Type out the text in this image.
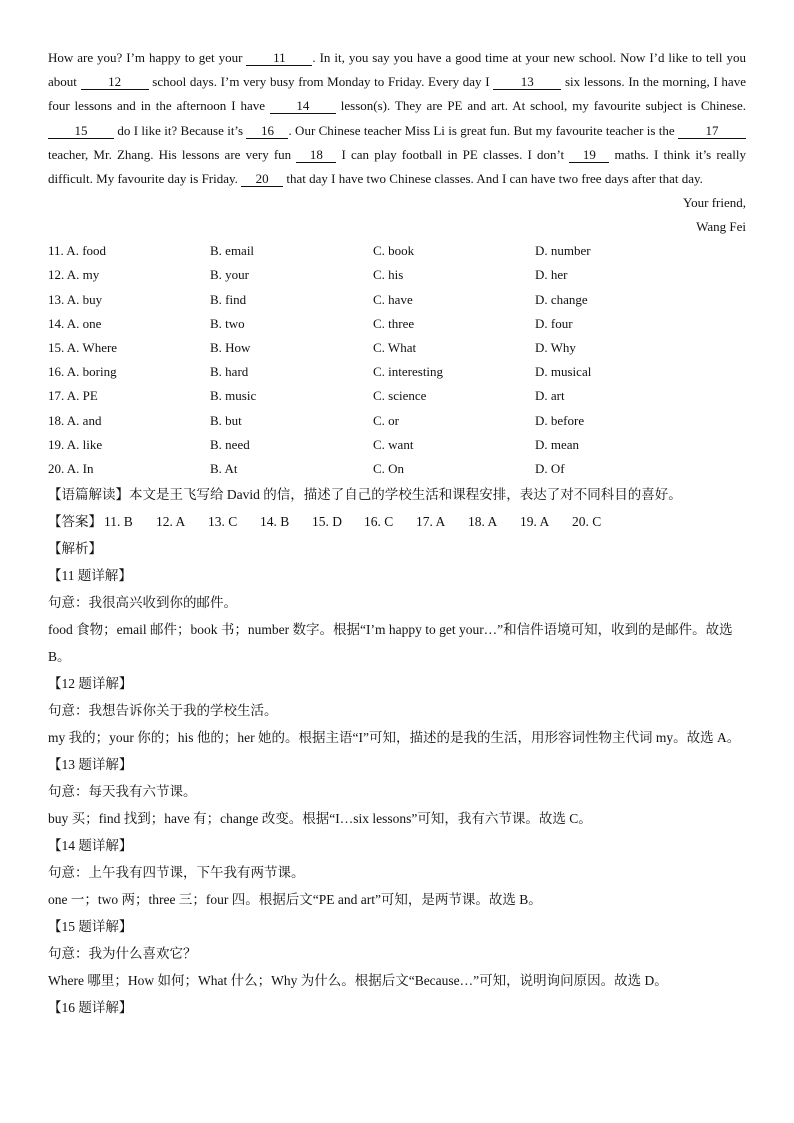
How are you? I’m happy to get your 11 . In it, you say you have a good time at your new school. Now I’d like to tell you about 12 school days. I’m very busy from Monday to Friday. Every day I 13 six lessons. In the morning, I have four lessons and in the afternoon I have 14 lesson(s). They are PE and art. At school, my favourite subject is Chinese. 15 do I like it? Because it’s 16 . Our Chinese teacher Miss Li is great fun. But my favourite teacher is the 17 teacher, Mr. Zhang. His lessons are very fun 18 I can play football in PE classes. I don’t 19 maths. I think it’s really difficult. My favourite day is Friday. 20 that day I have two Chinese classes. And I can have two free days after that day.

Your friend,
Wang Fei
11. A. food	B. email	C. book	D. number
12. A. my	B. your	C. his	D. her
13. A. buy	B. find	C. have	D. change
14. A. one	B. two	C. three	D. four
15. A. Where	B. How	C. What	D. Why
16. A. boring	B. hard	C. interesting	D. musical
17. A. PE	B. music	C. science	D. art
18. A. and	B. but	C. or	D. before
19. A. like	B. need	C. want	D. mean
20. A. In	B. At	C. On	D. Of
【语篇解读】本文是王飞写给 David 的信，描述了自己的学校生活和课程安排，表达了对不同科目的喜好。
【答案】 11. B	12. A	13. C	14. B	15. D	16. C	17. A	18. A	19. A	20. C
【解析】
【11 题详解】
句意：我很高兴收到你的邮件。

food 食物；email 邮件；book 书；number 数字。根据“I’m happy to get your…”和信件语境可知，收到的是邮件。故选 B。

【12 题详解】
句意：我想告诉你关于我的学校生活。

my 我的；your 你的；his 他的；her 她的。根据主语“I”可知，描述的是我的生活，用形容词性物主代词 my。故选 A。

【13 题详解】
句意：每天我有六节课。

buy 买；find 找到；have 有；change 改变。根据“I…six lessons”可知，我有六节课。故选 C。

【14 题详解】
句意：上午我有四节课，下午我有两节课。

one 一；two 两；three 三；four 四。根据后文“PE and art”可知，是两节课。故选 B。

【15 题详解】
句意：我为什么喜欢它？

Where 哪里；How 如何；What 什么；Why 为什么。根据后文“Because…”可知，说明询问原因。故选 D。

【16 题详解】
